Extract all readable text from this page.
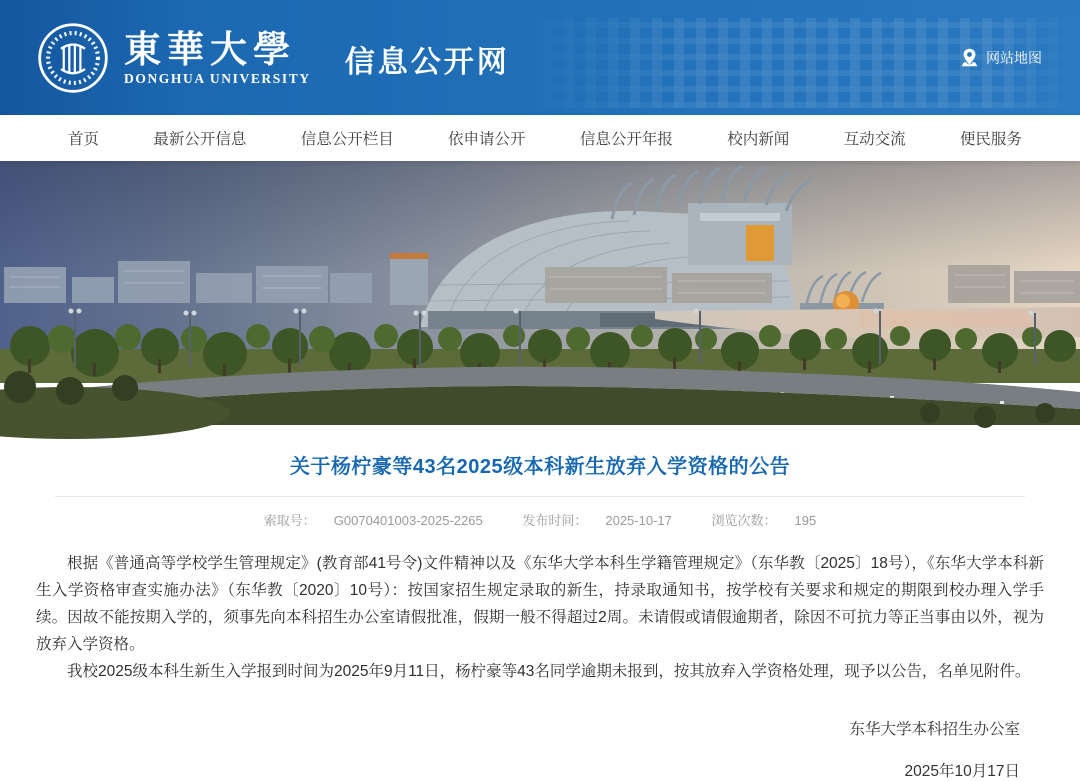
東華大學
DONGHUA UNIVERSITY 信息公开网	网站地图
首页	最新公开信息	信息公开栏目	依申请公开	信息公开年报	校内新闻	互动交流	便民服务
关于杨柠豪等43名2025级本科新生放弃入学资格的公告
索取号： G0070401003-2025-2265	发布时间： 2025-10-17	浏览次数： 195

根据《普通高等学校学生管理规定》(教育部41号令)文件精神以及《东华大学本科生学籍管理规定》（东华教〔2025〕18号），《东华大学本科新生入学资格审查实施办法》（东华教〔2020〕10号）：按国家招生规定录取的新生，持录取通知书，按学校有关要求和规定的期限到校办理入学手续。因故不能按期入学的，须事先向本科招生办公室请假批准，假期一般不得超过2周。未请假或请假逾期者，除因不可抗力等正当事由以外，视为放弃入学资格。

我校2025级本科生新生入学报到时间为2025年9月11日，杨柠豪等43名同学逾期未报到，按其放弃入学资格处理，现予以公告，名单见附件。

东华大学本科招生办公室
2025年10月17日
